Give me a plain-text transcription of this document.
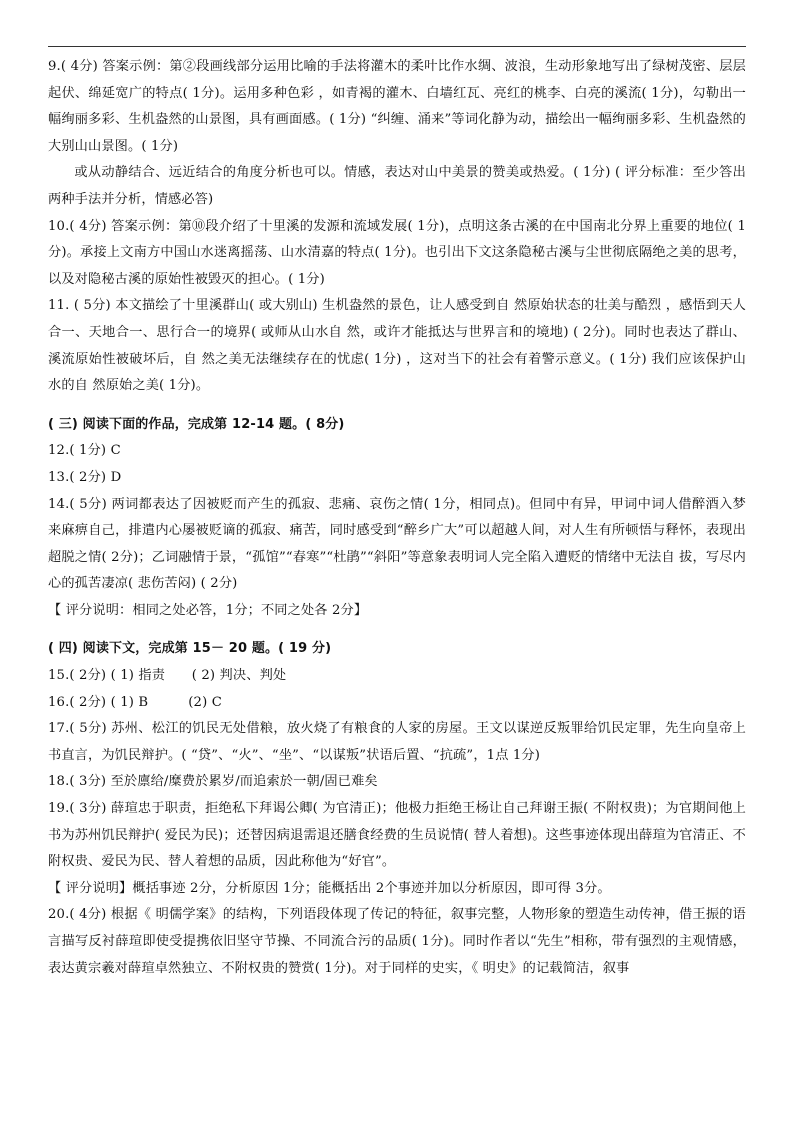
9.( 4分) 答案示例：第②段画线部分运用比喻的手法将灌木的柔叶比作水绸、波浪，生动形象地写出了绿树茂密、层层起伏、绵延宽广的特点( 1分)。运用多种色彩 ，如青褐的灌木、白墙红瓦、亮红的桃李、白亮的溪流( 1分)，勾勒出一幅绚丽多彩、生机盎然的山景图，具有画面感。( 1分) “纠缠、涌来”等词化静为动，描绘出一幅绚丽多彩、生机盎然的大别山山景图。( 1分)

或从动静结合、远近结合的角度分析也可以。情感，表达对山中美景的赞美或热爱。( 1分) ( 评分标准：至少答出两种手法并分析，情感必答)

10.( 4分) 答案示例：第⑩段介绍了十里溪的发源和流域发展( 1分)，点明这条古溪的在中国南北分界上重要的地位( 1分)。承接上文南方中国山水迷离摇荡、山水清嘉的特点( 1分)。也引出下文这条隐秘古溪与尘世彻底隔绝之美的思考，以及对隐秘古溪的原始性被毁灭的担心。( 1分)

11. ( 5分) 本文描绘了十里溪群山( 或大别山) 生机盎然的景色，让人感受到自 然原始状态的壮美与酷烈 ，感悟到天人合一、天地合一、思行合一的境界( 或师从山水自 然，或许才能抵达与世界言和的境地) ( 2分)。同时也表达了群山、溪流原始性被破坏后，自 然之美无法继续存在的忧虑( 1分) ，这对当下的社会有着警示意义。( 1分) 我们应该保护山水的自 然原始之美( 1分)。

( 三) 阅读下面的作品，完成第 12-14 题。( 8分)

12.( 1分) C

13.( 2分) D

14.( 5分) 两词都表达了因被贬而产生的孤寂、悲痛、哀伤之情( 1分，相同点)。但同中有异，甲词中词人借醉酒入梦来麻痹自己，排遣内心屡被贬谪的孤寂、痛苦，同时感受到“醉乡广大”可以超越人间，对人生有所顿悟与释怀，表现出超脱之情( 2分)；乙词融情于景，“孤馆”“春寒”“杜鹃”“斜阳”等意象表明词人完全陷入遭贬的情绪中无法自 拔，写尽内心的孤苦凄凉( 悲伤苦闷) ( 2分)

【 评分说明：相同之处必答，1分；不同之处各 2分】

( 四) 阅读下文，完成第 15－ 20 题。( 19 分)

15.( 2分) ( 1) 指责　　( 2) 判决、判处

16.( 2分) ( 1) B　　　(2) C

17.( 5分) 苏州、松江的饥民无处借粮，放火烧了有粮食的人家的房屋。王文以谋逆反叛罪给饥民定罪，先生向皇帝上书直言，为饥民辩护。( “贷”、“火”、“坐”、“以谋叛”状语后置、“抗疏”，1点 1分)

18.( 3分) 至於廪给/糜费於累岁/而追索於一朝/固已难矣

19.( 3分) 薛瑄忠于职责，拒绝私下拜谒公卿( 为官清正)；他极力拒绝王杨让自己拜谢王振( 不附权贵)；为官期间他上书为苏州饥民辩护( 爱民为民)；还替因病退需退还膳食经费的生员说情( 替人着想)。这些事迹体现出薛瑄为官清正、不附权贵、爱民为民、替人着想的品质，因此称他为“好官”。

【 评分说明】概括事迹 2分，分析原因 1分；能概括出 2个事迹并加以分析原因，即可得 3分。

20.( 4分) 根据《 明儒学案》的结构，下列语段体现了传记的特征，叙事完整，人物形象的塑造生动传神，借王振的语言描写反衬薛瑄即使受提携依旧坚守节操、不同流合污的品质( 1分)。同时作者以“先生”相称，带有强烈的主观情感，表达黄宗羲对薛瑄卓然独立、不附权贵的赞赏( 1分)。对于同样的史实，《 明史》的记载简洁，叙事
